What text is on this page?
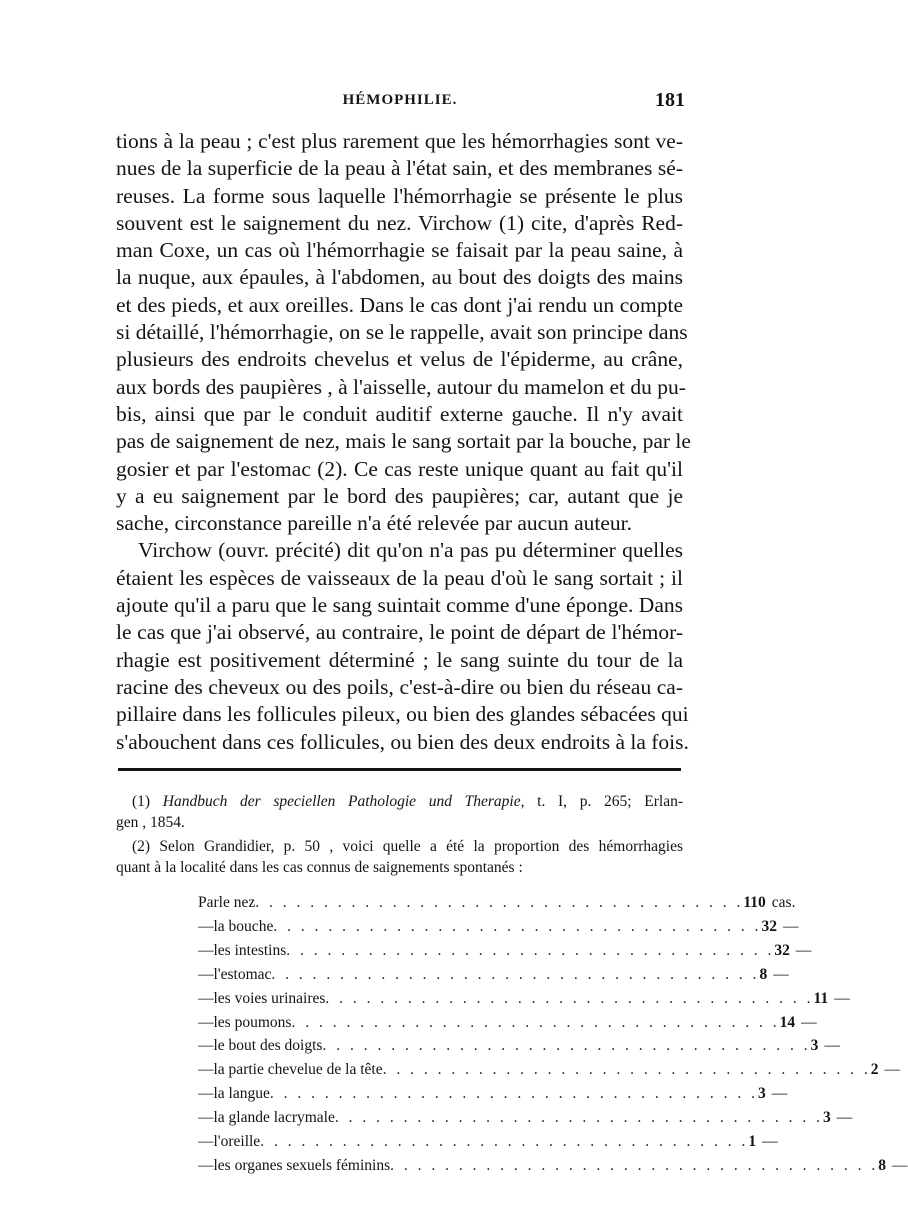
HÉMOPHILIE.	181

tions à la peau ; c'est plus rarement que les hémorrhagies sont ve-
nues de la superficie de la peau à l'état sain, et des membranes sé-
reuses. La forme sous laquelle l'hémorrhagie se présente le plus
souvent est le saignement du nez. Virchow (1) cite, d'après Red-
man Coxe, un cas où l'hémorrhagie se faisait par la peau saine, à
la nuque, aux épaules, à l'abdomen, au bout des doigts des mains
et des pieds, et aux oreilles. Dans le cas dont j'ai rendu un compte
si détaillé, l'hémorrhagie, on se le rappelle, avait son principe dans
plusieurs des endroits chevelus et velus de l'épiderme, au crâne,
aux bords des paupières , à l'aisselle, autour du mamelon et du pu-
bis, ainsi que par le conduit auditif externe gauche. Il n'y avait
pas de saignement de nez, mais le sang sortait par la bouche, par le
gosier et par l'estomac (2). Ce cas reste unique quant au fait qu'il
y a eu saignement par le bord des paupières; car, autant que je
sache, circonstance pareille n'a été relevée par aucun auteur.

Virchow (ouvr. précité) dit qu'on n'a pas pu déterminer quelles
étaient les espèces de vaisseaux de la peau d'où le sang sortait ; il
ajoute qu'il a paru que le sang suintait comme d'une éponge. Dans
le cas que j'ai observé, au contraire, le point de départ de l'hémor-
rhagie est positivement déterminé ; le sang suinte du tour de la
racine des cheveux ou des poils, c'est-à-dire ou bien du réseau ca-
pillaire dans les follicules pileux, ou bien des glandes sébacées qui
s'abouchent dans ces follicules, ou bien des deux endroits à la fois.

(1) Handbuch der speciellen Pathologie und Therapie, t. I, p. 265; Erlan-
gen , 1854.
(2) Selon Grandidier, p. 50 , voici quelle a été la proportion des hémorrhagies
quant à la localité dans les cas connus de saignements spontanés :
Par le nez . . . . . . . . . . . . . . . . . . . . . . . . . . . . . . . . . . . . 110 cas.
— la bouche . . . . . . . . . . . . . . . . . . . . . . . . . . . . . . . . . . . . 32 —
— les intestins . . . . . . . . . . . . . . . . . . . . . . . . . . . . . . . . . . . . 32 —
— l'estomac . . . . . . . . . . . . . . . . . . . . . . . . . . . . . . . . . . . . 8 —
— les voies urinaires . . . . . . . . . . . . . . . . . . . . . . . . . . . . . . . . . . . . 11 —
— les poumons . . . . . . . . . . . . . . . . . . . . . . . . . . . . . . . . . . . . 14 —
— le bout des doigts . . . . . . . . . . . . . . . . . . . . . . . . . . . . . . . . . . . . 3 —
— la partie chevelue de la tête . . . . . . . . . . . . . . . . . . . . . . . . . . . . . . . . . . . . 2 —
— la langue . . . . . . . . . . . . . . . . . . . . . . . . . . . . . . . . . . . . 3 —
— la glande lacrymale . . . . . . . . . . . . . . . . . . . . . . . . . . . . . . . . . . . . 3 —
— l'oreille . . . . . . . . . . . . . . . . . . . . . . . . . . . . . . . . . . . . 1 —
— les organes sexuels féminins . . . . . . . . . . . . . . . . . . . . . . . . . . . . . . . . . . . . 8 —
